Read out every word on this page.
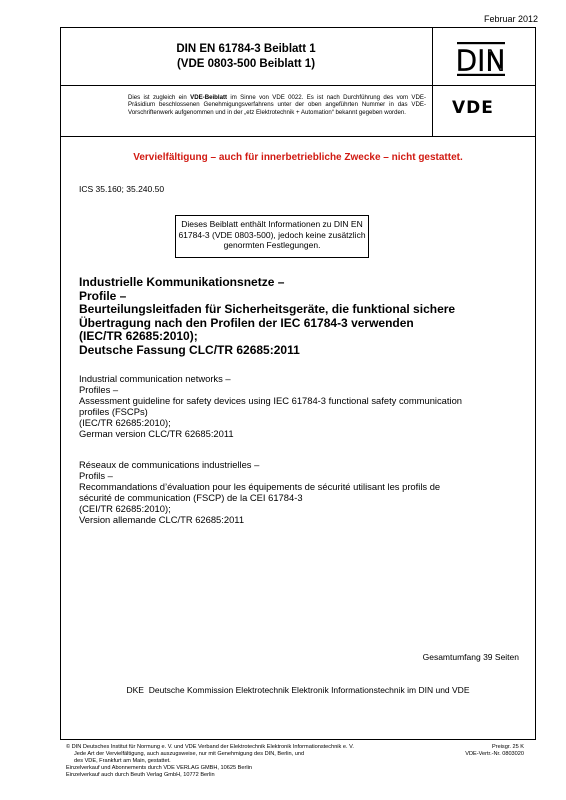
Februar 2012
DIN EN 61784-3 Beiblatt 1
(VDE 0803-500 Beiblatt 1)	DIN
Dies ist zugleich ein VDE-Beiblatt im Sinne von VDE 0022. Es ist nach Durchführung des vom VDE-Präsidium beschlossenen Genehmigungsverfahrens unter der oben angeführten Nummer in das VDE-Vorschriftenwerk aufgenommen und in der „etz Elektrotechnik + Automation“ bekannt gegeben worden.	VDE
Vervielfältigung – auch für innerbetriebliche Zwecke – nicht gestattet.
ICS 35.160; 35.240.50
Dieses Beiblatt enthält Informationen zu DIN EN 61784-3 (VDE 0803-500), jedoch keine zusätzlich genormten Festlegungen.
Industrielle Kommunikationsnetze –
Profile –
Beurteilungsleitfaden für Sicherheitsgeräte, die funktional sichere
Übertragung nach den Profilen der IEC 61784-3 verwenden
(IEC/TR 62685:2010);
Deutsche Fassung CLC/TR 62685:2011
Industrial communication networks –
Profiles –
Assessment guideline for safety devices using IEC 61784-3 functional safety communication
profiles (FSCPs)
(IEC/TR 62685:2010);
German version CLC/TR 62685:2011
Réseaux de communications industrielles –
Profils –
Recommandations d’évaluation pour les équipements de sécurité utilisant les profils de
sécurité de communication (FSCP) de la CEI 61784-3
(CEI/TR 62685:2010);
Version allemande CLC/TR 62685:2011
Gesamtumfang 39 Seiten
DKE Deutsche Kommission Elektrotechnik Elektronik Informationstechnik im DIN und VDE
© DIN Deutsches Institut für Normung e. V. und VDE Verband der Elektrotechnik Elektronik Informationstechnik e. V.
Jede Art der Vervielfältigung, auch auszugsweise, nur mit Genehmigung des DIN, Berlin, und
des VDE, Frankfurt am Main, gestattet.
Einzelverkauf und Abonnements durch VDE VERLAG GMBH, 10625 Berlin
Einzelverkauf auch durch Beuth Verlag GmbH, 10772 Berlin
Preisgr. 25 K
VDE-Vertr.-Nr. 0803020
